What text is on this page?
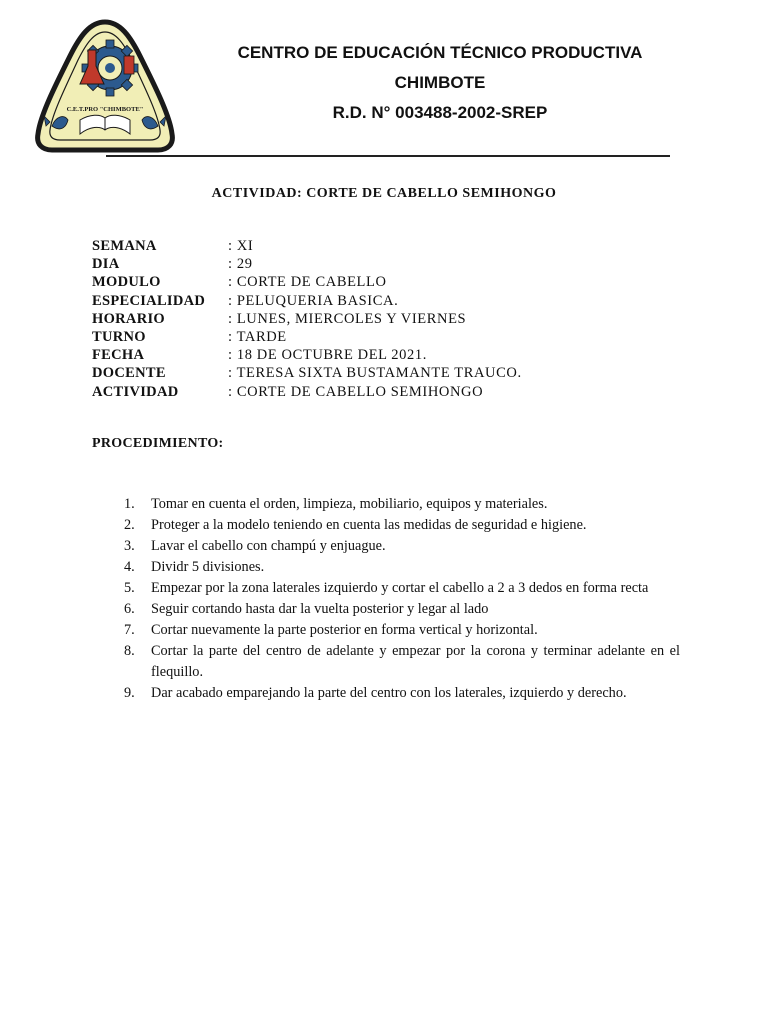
C.E.T.PRO "CHIMBOTE"
CENTRO DE EDUCACIÓN TÉCNICO PRODUCTIVA
CHIMBOTE
R.D. N° 003488-2002-SREP
ACTIVIDAD: CORTE DE CABELLO SEMIHONGO
SEMANA	: XI
DIA	: 29
MODULO	: CORTE DE CABELLO
ESPECIALIDAD	: PELUQUERIA BASICA.
HORARIO	: LUNES, MIERCOLES Y VIERNES
TURNO	: TARDE
FECHA	: 18 DE OCTUBRE DEL 2021.
DOCENTE	: TERESA SIXTA BUSTAMANTE TRAUCO.
ACTIVIDAD	: CORTE DE CABELLO SEMIHONGO
PROCEDIMIENTO:
1.	Tomar en cuenta el orden, limpieza, mobiliario, equipos y materiales.
2.	Proteger a la modelo teniendo en cuenta las medidas de seguridad e higiene.
3.	Lavar el cabello con champú y enjuague.
4.	Dividr 5 divisiones.
5.	Empezar por la zona laterales izquierdo y cortar el cabello a 2 a 3 dedos en forma recta
6.	Seguir cortando hasta dar la vuelta posterior y legar al lado
7.	Cortar nuevamente la parte posterior en forma vertical y horizontal.
8.	Cortar la parte del centro de adelante y empezar por la corona y terminar adelante en el flequillo.
9.	Dar acabado emparejando la parte del centro con los laterales, izquierdo y derecho.
